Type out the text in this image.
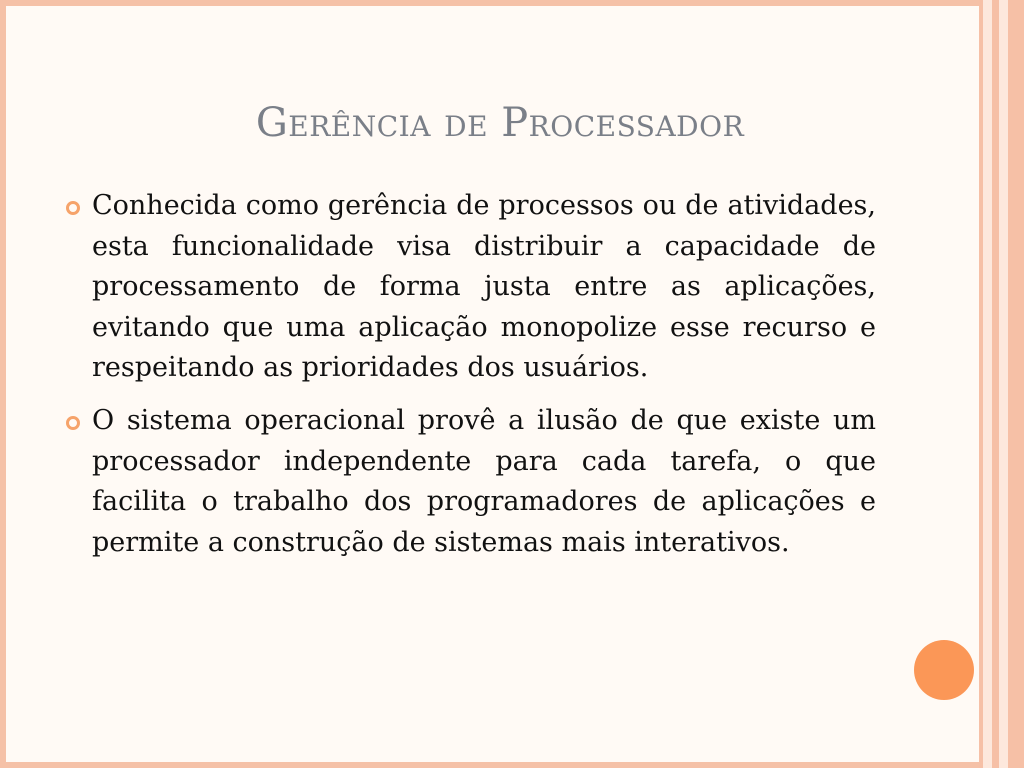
Gerência de Processador

Conhecida como gerência de processos ou de atividades, esta funcionalidade visa distribuir a capacidade de processamento de forma justa entre as aplicações, evitando que uma aplicação monopolize esse recurso e respeitando as prioridades dos usuários.

O sistema operacional provê a ilusão de que existe um processador independente para cada tarefa, o que facilita o trabalho dos programadores de aplicações e permite a construção de sistemas mais interativos.
